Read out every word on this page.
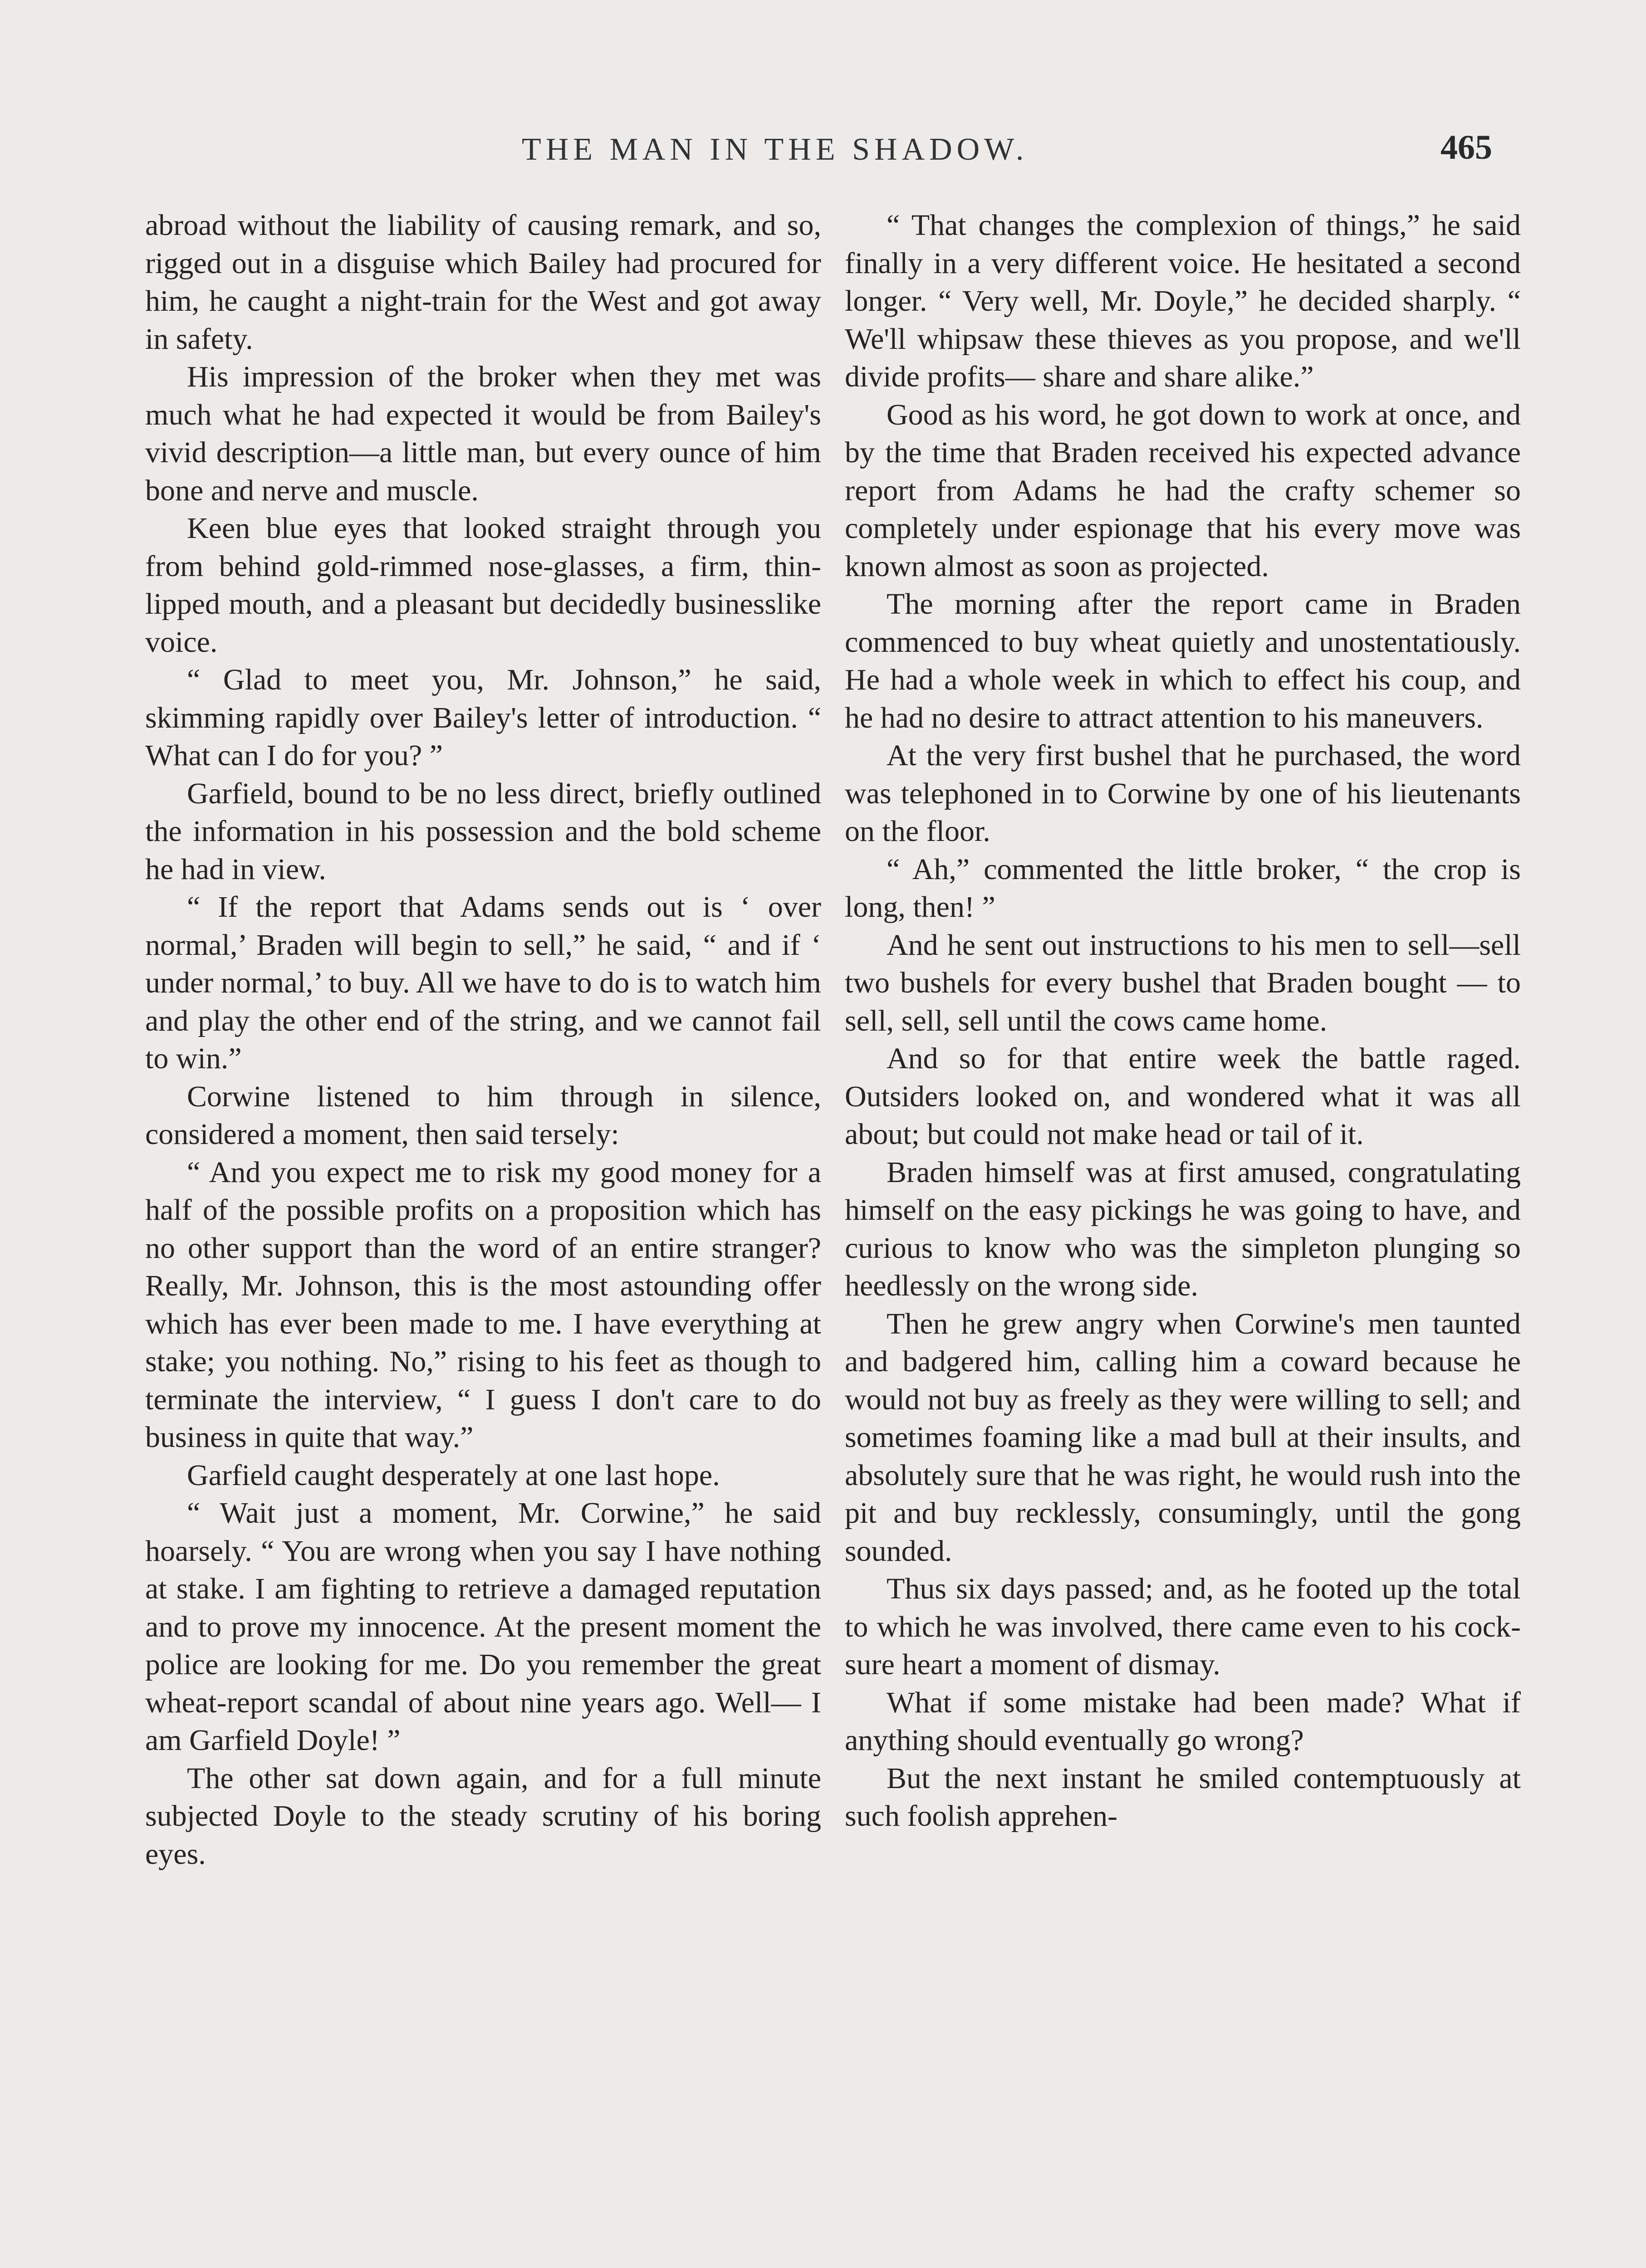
THE MAN IN THE SHADOW.	465

abroad without the liability of causing remark, and so, rigged out in a disguise which Bailey had procured for him, he caught a night-train for the West and got away in safety.

His impression of the broker when they met was much what he had expected it would be from Bailey's vivid description—a little man, but every ounce of him bone and nerve and muscle.

Keen blue eyes that looked straight through you from behind gold-rimmed nose-glasses, a firm, thin-lipped mouth, and a pleasant but decidedly businesslike voice.

“ Glad to meet you, Mr. Johnson,” he said, skimming rapidly over Bailey's letter of introduction. “ What can I do for you? ”

Garfield, bound to be no less direct, briefly outlined the information in his possession and the bold scheme he had in view.

“ If the report that Adams sends out is ‘ over normal,’ Braden will begin to sell,” he said, “ and if ‘ under normal,’ to buy. All we have to do is to watch him and play the other end of the string, and we cannot fail to win.”

Corwine listened to him through in silence, considered a moment, then said tersely:

“ And you expect me to risk my good money for a half of the possible profits on a proposition which has no other support than the word of an entire stranger? Really, Mr. Johnson, this is the most astounding offer which has ever been made to me. I have everything at stake; you nothing. No,” rising to his feet as though to terminate the interview, “ I guess I don't care to do business in quite that way.”

Garfield caught desperately at one last hope.

“ Wait just a moment, Mr. Corwine,” he said hoarsely. “ You are wrong when you say I have nothing at stake. I am fighting to retrieve a damaged reputation and to prove my innocence. At the present moment the police are looking for me. Do you remember the great wheat-report scandal of about nine years ago. Well— I am Garfield Doyle! ”

The other sat down again, and for a full minute subjected Doyle to the steady scrutiny of his boring eyes.

“ That changes the complexion of things,” he said finally in a very different voice. He hesitated a second longer. “ Very well, Mr. Doyle,” he decided sharply. “ We'll whipsaw these thieves as you propose, and we'll divide profits— share and share alike.”

Good as his word, he got down to work at once, and by the time that Braden received his expected advance report from Adams he had the crafty schemer so completely under espionage that his every move was known almost as soon as projected.

The morning after the report came in Braden commenced to buy wheat quietly and unostentatiously. He had a whole week in which to effect his coup, and he had no desire to attract attention to his maneuvers.

At the very first bushel that he purchased, the word was telephoned in to Corwine by one of his lieutenants on the floor.

“ Ah,” commented the little broker, “ the crop is long, then! ”

And he sent out instructions to his men to sell—sell two bushels for every bushel that Braden bought — to sell, sell, sell until the cows came home.

And so for that entire week the battle raged. Outsiders looked on, and wondered what it was all about; but could not make head or tail of it.

Braden himself was at first amused, congratulating himself on the easy pickings he was going to have, and curious to know who was the simpleton plunging so heedlessly on the wrong side.

Then he grew angry when Corwine's men taunted and badgered him, calling him a coward because he would not buy as freely as they were willing to sell; and sometimes foaming like a mad bull at their insults, and absolutely sure that he was right, he would rush into the pit and buy recklessly, consumingly, until the gong sounded.

Thus six days passed; and, as he footed up the total to which he was involved, there came even to his cock-sure heart a moment of dismay.

What if some mistake had been made? What if anything should eventually go wrong?

But the next instant he smiled contemptuously at such foolish apprehen-
